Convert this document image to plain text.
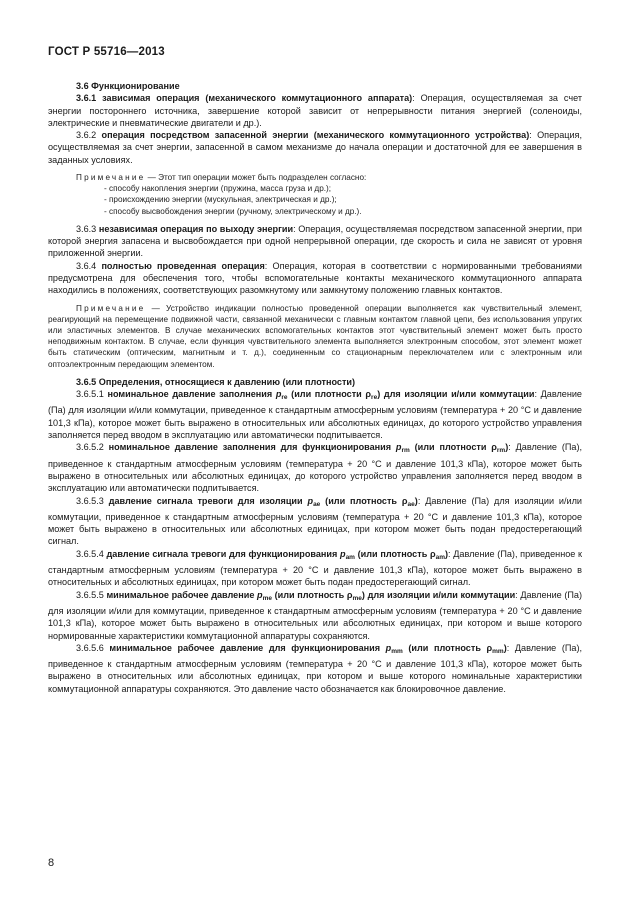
ГОСТ Р 55716—2013

3.6 Функционирование

3.6.1 зависимая операция (механического коммутационного аппарата): Операция, осуществляемая за счет энергии постороннего источника, завершение которой зависит от непрерывности питания энергией (соленоиды, электрические и пневматические двигатели и др.).

3.6.2 операция посредством запасенной энергии (механического коммутационного устройства): Операция, осуществляемая за счет энергии, запасенной в самом механизме до начала операции и достаточной для ее завершения в заданных условиях.

Примечание — Этот тип операции может быть подразделен согласно:

- способу накопления энергии (пружина, масса груза и др.);

- происхождению энергии (мускульная, электрическая и др.);

- способу высвобождения энергии (ручному, электрическому и др.).

3.6.3 независимая операция по выходу энергии: Операция, осуществляемая посредством запасенной энергии, при которой энергия запасена и высвобождается при одной непрерывной операции, где скорость и сила не зависят от уровня приложенной энергии.

3.6.4 полностью проведенная операция: Операция, которая в соответствии с нормированными требованиями предусмотрена для обеспечения того, чтобы вспомогательные контакты механического коммутационного аппарата находились в положениях, соответствующих разомкнутому или замкнутому положению главных контактов.

Примечание — Устройство индикации полностью проведенной операции выполняется как чувствительный элемент, реагирующий на перемещение подвижной части, связанной механически с главным контактом главной цепи, без использования упругих или эластичных элементов. В случае механических вспомогательных контактов этот чувствительный элемент может быть просто неподвижным контактом. В случае, если функция чувствительного элемента выполняется электронным способом, этот элемент может быть статическим (оптическим, магнитным и т. д.), соединенным со стационарным переключателем или с электронным или оптоэлектронным передающим элементом.

3.6.5 Определения, относящиеся к давлению (или плотности)

3.6.5.1 номинальное давление заполнения $p_{re}$ (или плотности $\rho_{re}$) для изоляции и/или коммутации: Давление (Па) для изоляции и/или коммутации, приведенное к стандартным атмосферным условиям (температура + 20 °С и давление 101,3 кПа), которое может быть выражено в относительных или абсолютных единицах, до которого устройство управления заполняется перед вводом в эксплуатацию или автоматически подпитывается.

3.6.5.2 номинальное давление заполнения для функционирования $p_{rm}$ (или плотности $\rho_{rm}$): Давление (Па), приведенное к стандартным атмосферным условиям (температура + 20 °С и давление 101,3 кПа), которое может быть выражено в относительных или абсолютных единицах, до которого устройство управления заполняется перед вводом в эксплуатацию или автоматически подпитывается.

3.6.5.3 давление сигнала тревоги для изоляции $p_{ae}$ (или плотность $\rho_{ae}$): Давление (Па) для изоляции и/или коммутации, приведенное к стандартным атмосферным условиям (температура + 20 °С и давление 101,3 кПа), которое может быть выражено в относительных или абсолютных единицах, при котором может быть подан предостерегающий сигнал.

3.6.5.4 давление сигнала тревоги для функционирования $p_{am}$ (или плотность $\rho_{am}$): Давление (Па), приведенное к стандартным атмосферным условиям (температура + 20 °С и давление 101,3 кПа), которое может быть выражено в относительных и абсолютных единицах, при котором может быть подан предостерегающий сигнал.

3.6.5.5 минимальное рабочее давление $p_{me}$ (или плотность $\rho_{me}$) для изоляции и/или коммутации: Давление (Па) для изоляции и/или для коммутации, приведенное к стандартным атмосферным условиям (температура + 20 °С и давление 101,3 кПа), которое может быть выражено в относительных или абсолютных единицах, при котором и выше которого нормированные характеристики коммутационной аппаратуры сохраняются.

3.6.5.6 минимальное рабочее давление для функционирования $p_{mm}$ (или плотность $\rho_{mm}$): Давление (Па), приведенное к стандартным атмосферным условиям (температура + 20 °С и давление 101,3 кПа), которое может быть выражено в относительных или абсолютных единицах, при котором и выше которого номинальные характеристики коммутационной аппаратуры сохраняются. Это давление часто обозначается как блокировочное давление.

8
